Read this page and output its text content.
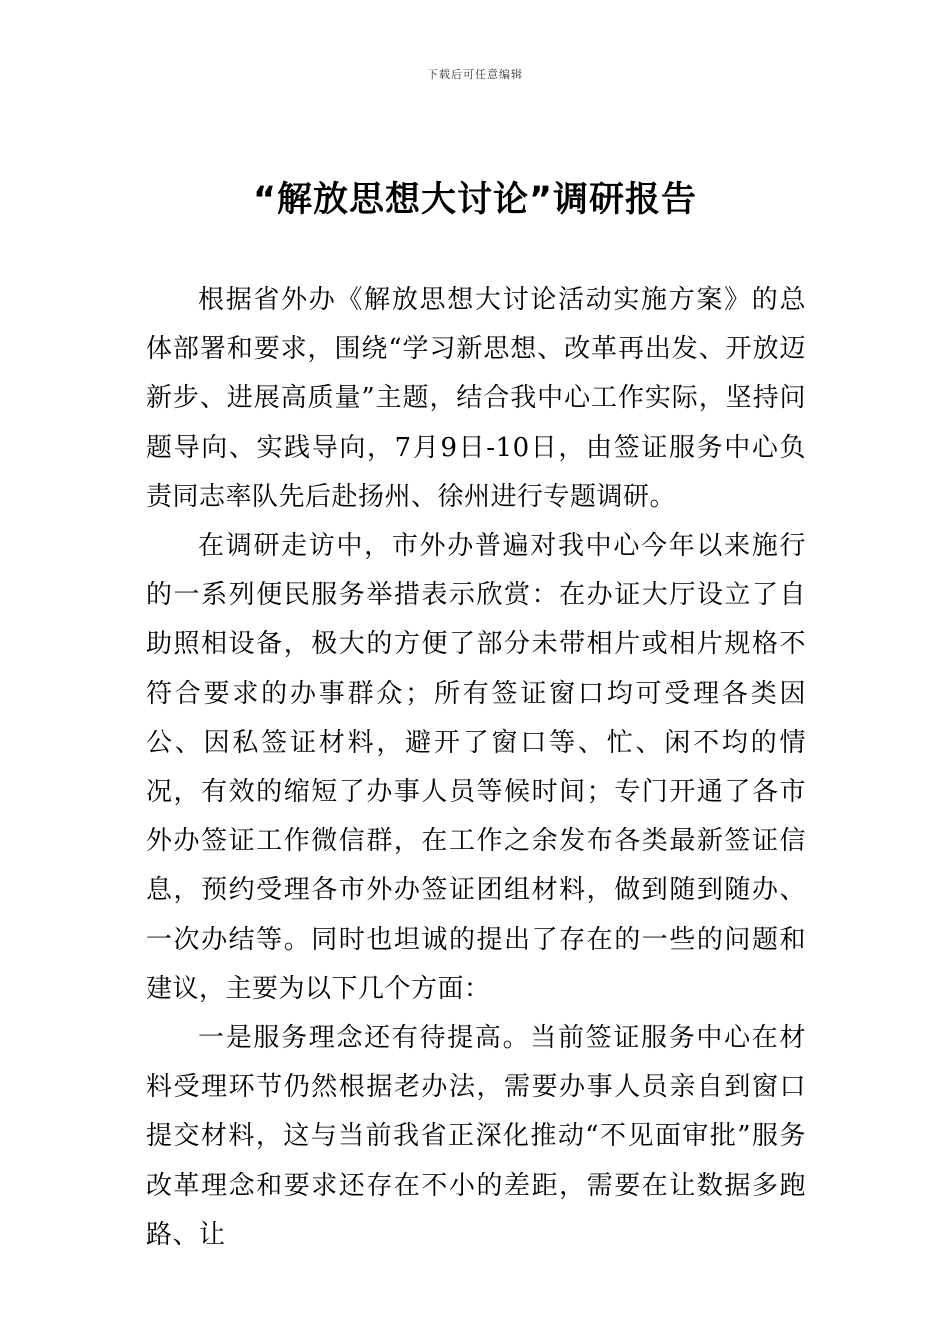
下载后可任意编辑
“解放思想大讨论”调研报告

根据省外办《解放思想大讨论活动实施方案》的总体部署和要求，围绕“学习新思想、改革再出发、开放迈新步、进展高质量”主题，结合我中心工作实际，坚持问题导向、实践导向，7月9日-10日，由签证服务中心负责同志率队先后赴扬州、徐州进行专题调研。

在调研走访中，市外办普遍对我中心今年以来施行的一系列便民服务举措表示欣赏：在办证大厅设立了自助照相设备，极大的方便了部分未带相片或相片规格不符合要求的办事群众；所有签证窗口均可受理各类因公、因私签证材料，避开了窗口等、忙、闲不均的情况，有效的缩短了办事人员等候时间；专门开通了各市外办签证工作微信群，在工作之余发布各类最新签证信息，预约受理各市外办签证团组材料，做到随到随办、一次办结等。同时也坦诚的提出了存在的一些的问题和建议，主要为以下几个方面：

一是服务理念还有待提高。当前签证服务中心在材料受理环节仍然根据老办法，需要办事人员亲自到窗口提交材料，这与当前我省正深化推动“不见面审批”服务改革理念和要求还存在不小的差距，需要在让数据多跑路、让
